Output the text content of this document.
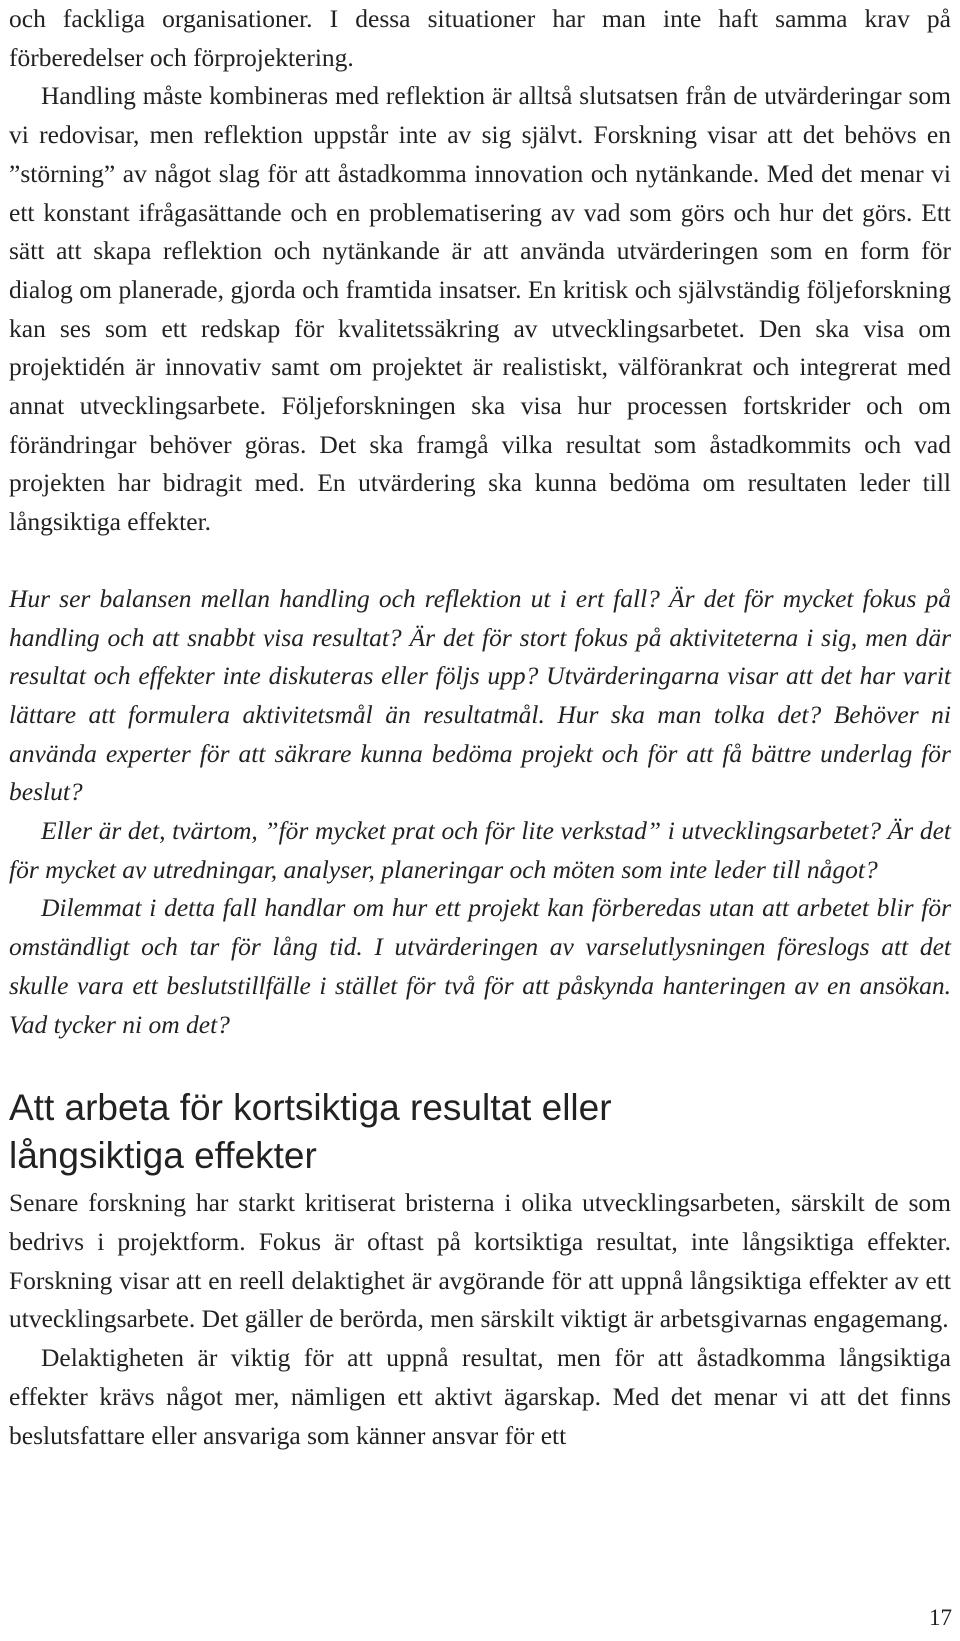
och fackliga organisationer. I dessa situationer har man inte haft samma krav på förberedelser och förprojektering.

Handling måste kombineras med reflektion är alltså slutsatsen från de utvärderingar som vi redovisar, men reflektion uppstår inte av sig självt. Forskning visar att det behövs en ”störning” av något slag för att åstadkomma innovation och nytänkande. Med det menar vi ett konstant ifrågasättande och en problematisering av vad som görs och hur det görs. Ett sätt att skapa reflektion och nytänkande är att använda utvärderingen som en form för dialog om planerade, gjorda och framtida insatser. En kritisk och självständig följeforskning kan ses som ett redskap för kvalitetssäkring av utvecklingsarbetet. Den ska visa om projektidén är innovativ samt om projektet är realistiskt, välförankrat och integrerat med annat utvecklingsarbete. Följeforskningen ska visa hur processen fortskrider och om förändringar behöver göras. Det ska framgå vilka resultat som åstadkommits och vad projekten har bidragit med. En utvärdering ska kunna bedöma om resultaten leder till långsiktiga effekter.

Hur ser balansen mellan handling och reflektion ut i ert fall? Är det för mycket fokus på handling och att snabbt visa resultat? Är det för stort fokus på aktiviteterna i sig, men där resultat och effekter inte diskuteras eller följs upp? Utvärderingarna visar att det har varit lättare att formulera aktivitetsmål än resultatmål. Hur ska man tolka det? Behöver ni använda experter för att säkrare kunna bedöma projekt och för att få bättre underlag för beslut?

Eller är det, tvärtom, ”för mycket prat och för lite verkstad” i utvecklingsarbetet? Är det för mycket av utredningar, analyser, planeringar och möten som inte leder till något?

Dilemmat i detta fall handlar om hur ett projekt kan förberedas utan att arbetet blir för omständligt och tar för lång tid. I utvärderingen av varselutlysningen föreslogs att det skulle vara ett beslutstillfälle i stället för två för att påskynda hanteringen av en ansökan. Vad tycker ni om det?

Att arbeta för kortsiktiga resultat eller
långsiktiga effekter

Senare forskning har starkt kritiserat bristerna i olika utvecklingsarbeten, särskilt de som bedrivs i projektform. Fokus är oftast på kortsiktiga resultat, inte långsiktiga effekter. Forskning visar att en reell delaktighet är avgörande för att uppnå långsiktiga effekter av ett utvecklingsarbete. Det gäller de berörda, men särskilt viktigt är arbetsgivarnas engagemang.

Delaktigheten är viktig för att uppnå resultat, men för att åstadkomma långsiktiga effekter krävs något mer, nämligen ett aktivt ägarskap. Med det menar vi att det finns beslutsfattare eller ansvariga som känner ansvar för ett

17
